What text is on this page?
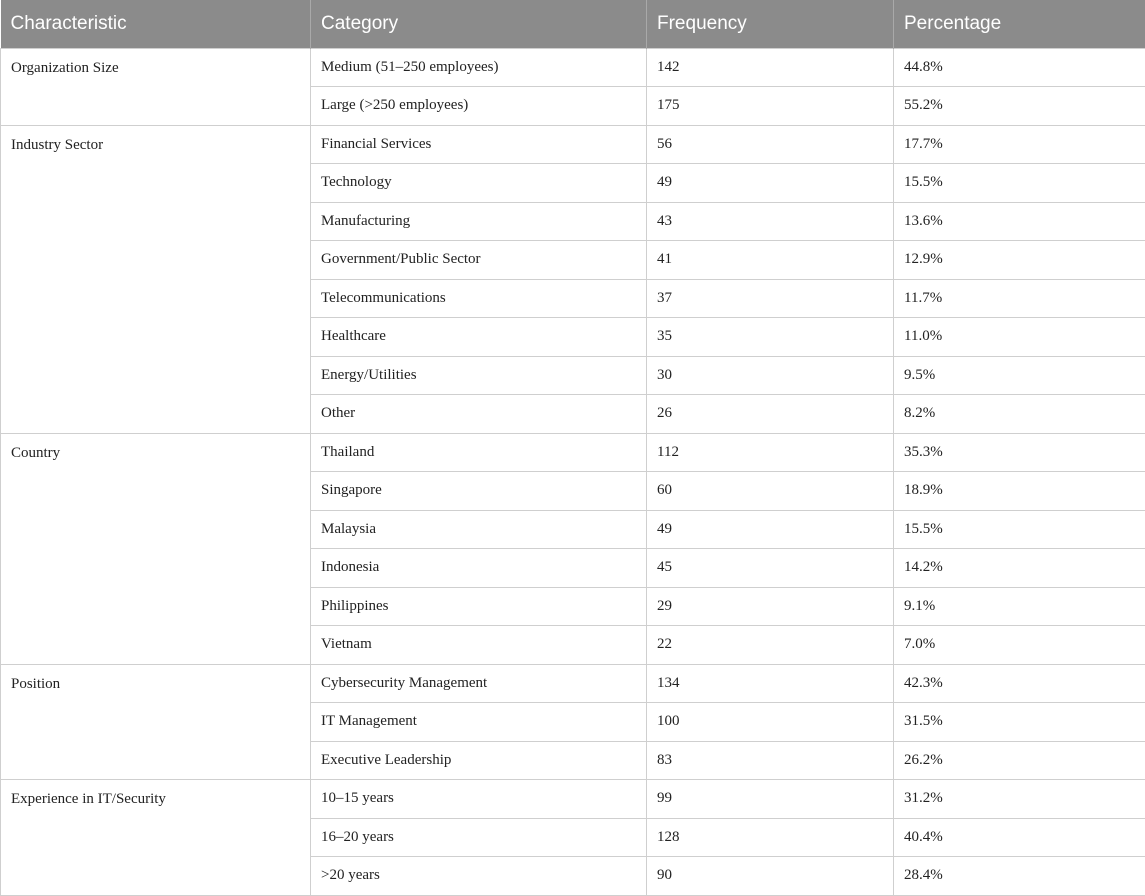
Characteristic	Category	Frequency	Percentage
Organization Size	Medium (51–250 employees)	142	44.8%
	Large (>250 employees)	175	55.2%
Industry Sector	Financial Services	56	17.7%
	Technology	49	15.5%
	Manufacturing	43	13.6%
	Government/Public Sector	41	12.9%
	Telecommunications	37	11.7%
	Healthcare	35	11.0%
	Energy/Utilities	30	9.5%
	Other	26	8.2%
Country	Thailand	112	35.3%
	Singapore	60	18.9%
	Malaysia	49	15.5%
	Indonesia	45	14.2%
	Philippines	29	9.1%
	Vietnam	22	7.0%
Position	Cybersecurity Management	134	42.3%
	IT Management	100	31.5%
	Executive Leadership	83	26.2%
Experience in IT/Security	10–15 years	99	31.2%
	16–20 years	128	40.4%
	>20 years	90	28.4%
